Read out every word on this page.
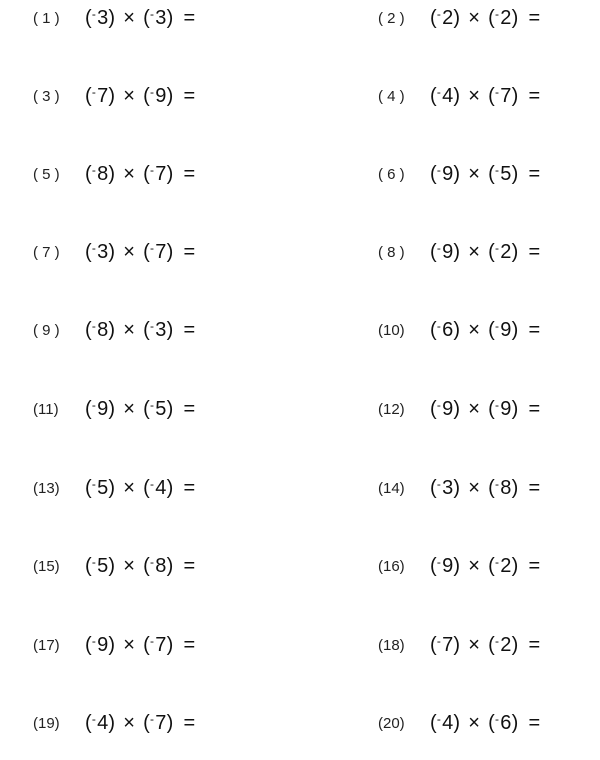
( 1 )	(-3) × (-3) =	( 2 )	(-2) × (-2) =
( 3 )	(-7) × (-9) =	( 4 )	(-4) × (-7) =
( 5 )	(-8) × (-7) =	( 6 )	(-9) × (-5) =
( 7 )	(-3) × (-7) =	( 8 )	(-9) × (-2) =
( 9 )	(-8) × (-3) =	(10)	(-6) × (-9) =
(11)	(-9) × (-5) =	(12)	(-9) × (-9) =
(13)	(-5) × (-4) =	(14)	(-3) × (-8) =
(15)	(-5) × (-8) =	(16)	(-9) × (-2) =
(17)	(-9) × (-7) =	(18)	(-7) × (-2) =
(19)	(-4) × (-7) =	(20)	(-4) × (-6) =
